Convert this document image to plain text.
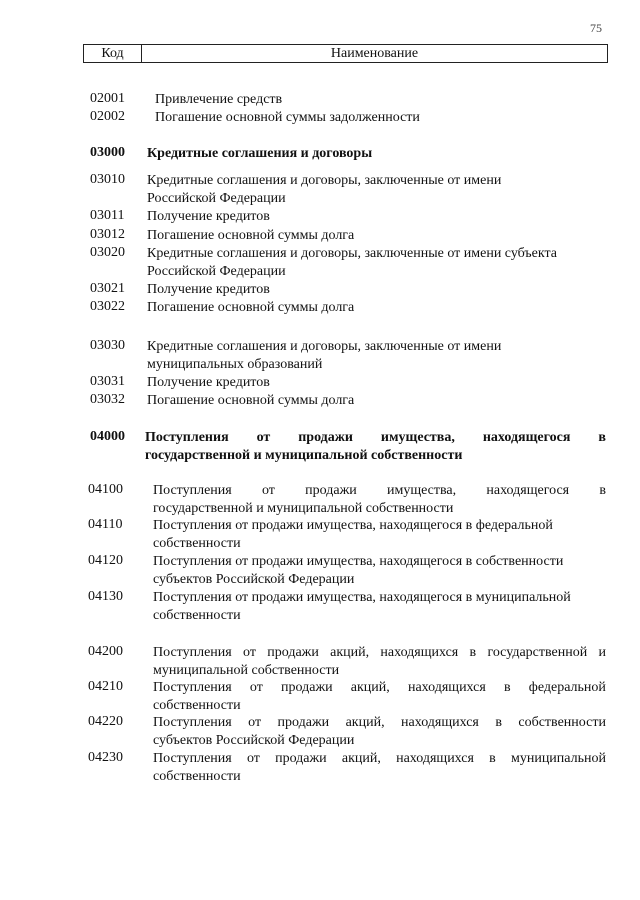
75
Код	Наименование
02001 Привлечение средств
02002 Погашение основной суммы задолженности
03000 Кредитные соглашения и договоры
03010 Кредитные соглашения и договоры, заключенные от имени
Российской Федерации
03011 Получение кредитов
03012 Погашение основной суммы долга
03020 Кредитные соглашения и договоры, заключенные от имени субъекта
Российской Федерации
03021 Получение кредитов
03022 Погашение основной суммы долга
03030 Кредитные соглашения и договоры, заключенные от имени
муниципальных образований
03031 Получение кредитов
03032 Погашение основной суммы долга
04000 Поступления от продажи имущества, находящегося в
государственной и муниципальной собственности
04100 Поступления от продажи имущества, находящегося в
государственной и муниципальной собственности
04110 Поступления от продажи имущества, находящегося в федеральной
собственности
04120 Поступления от продажи имущества, находящегося в собственности
субъектов Российской Федерации
04130 Поступления от продажи имущества, находящегося в муниципальной
собственности
04200 Поступления от продажи акций, находящихся в государственной и
муниципальной собственности
04210 Поступления от продажи акций, находящихся в федеральной
собственности
04220 Поступления от продажи акций, находящихся в собственности
субъектов Российской Федерации
04230 Поступления от продажи акций, находящихся в муниципальной
собственности
